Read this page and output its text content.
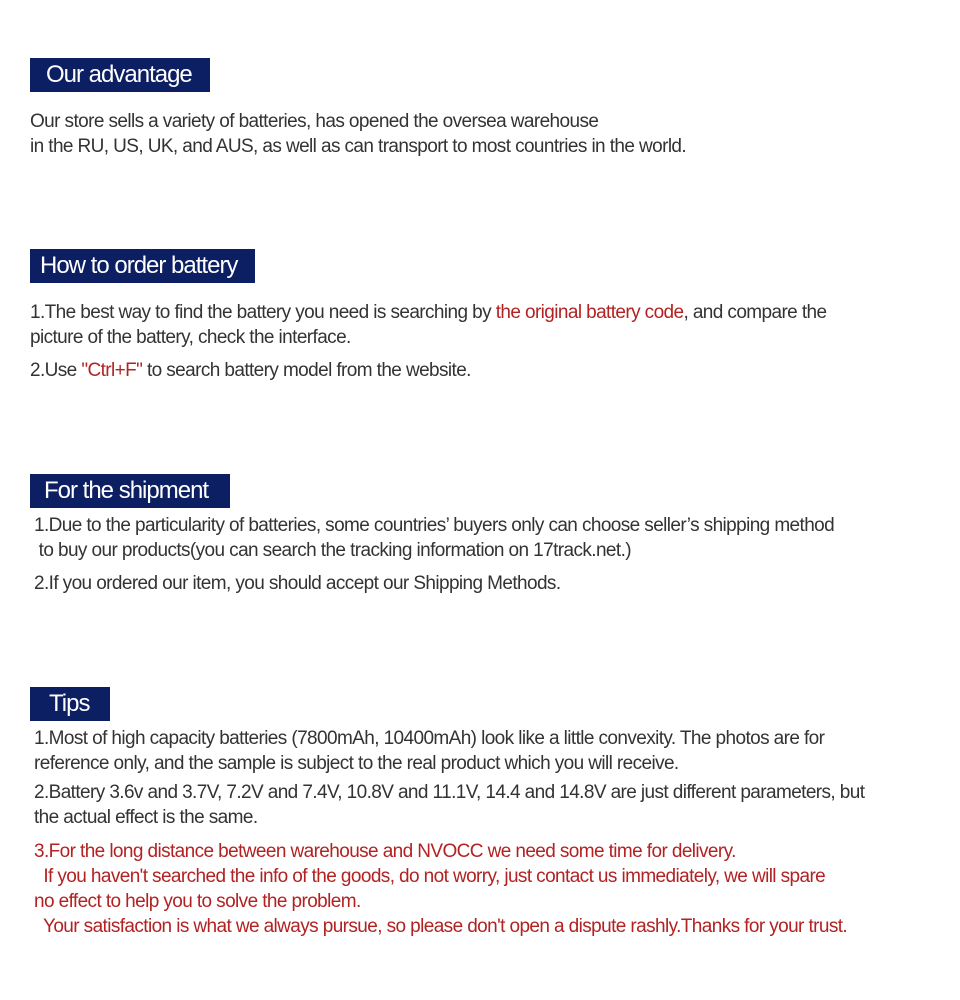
Our advantage
Our store sells a variety of batteries, has opened the oversea warehouse
in the RU, US, UK, and AUS, as well as can transport to most countries in the world.
How to order battery
1.The best way to find the battery you need is searching by the original battery code, and compare the
picture of the battery, check the interface.
2.Use "Ctrl+F" to search battery model from the website.
For the shipment
1.Due to the particularity of batteries, some countries’ buyers only can choose seller’s shipping method
to buy our products(you can search the tracking information on 17track.net.)
2.If you ordered our item, you should accept our Shipping Methods.
Tips
1.Most of high capacity batteries (7800mAh, 10400mAh) look like a little convexity. The photos are for
reference only, and the sample is subject to the real product which you will receive.
2.Battery 3.6v and 3.7V, 7.2V and 7.4V, 10.8V and 11.1V, 14.4 and 14.8V are just different parameters, but
the actual effect is the same.
3.For the long distance between warehouse and NVOCC we need some time for delivery.
If you haven't searched the info of the goods, do not worry, just contact us immediately, we will spare
no effect to help you to solve the problem.
Your satisfaction is what we always pursue, so please don't open a dispute rashly.Thanks for your trust.
